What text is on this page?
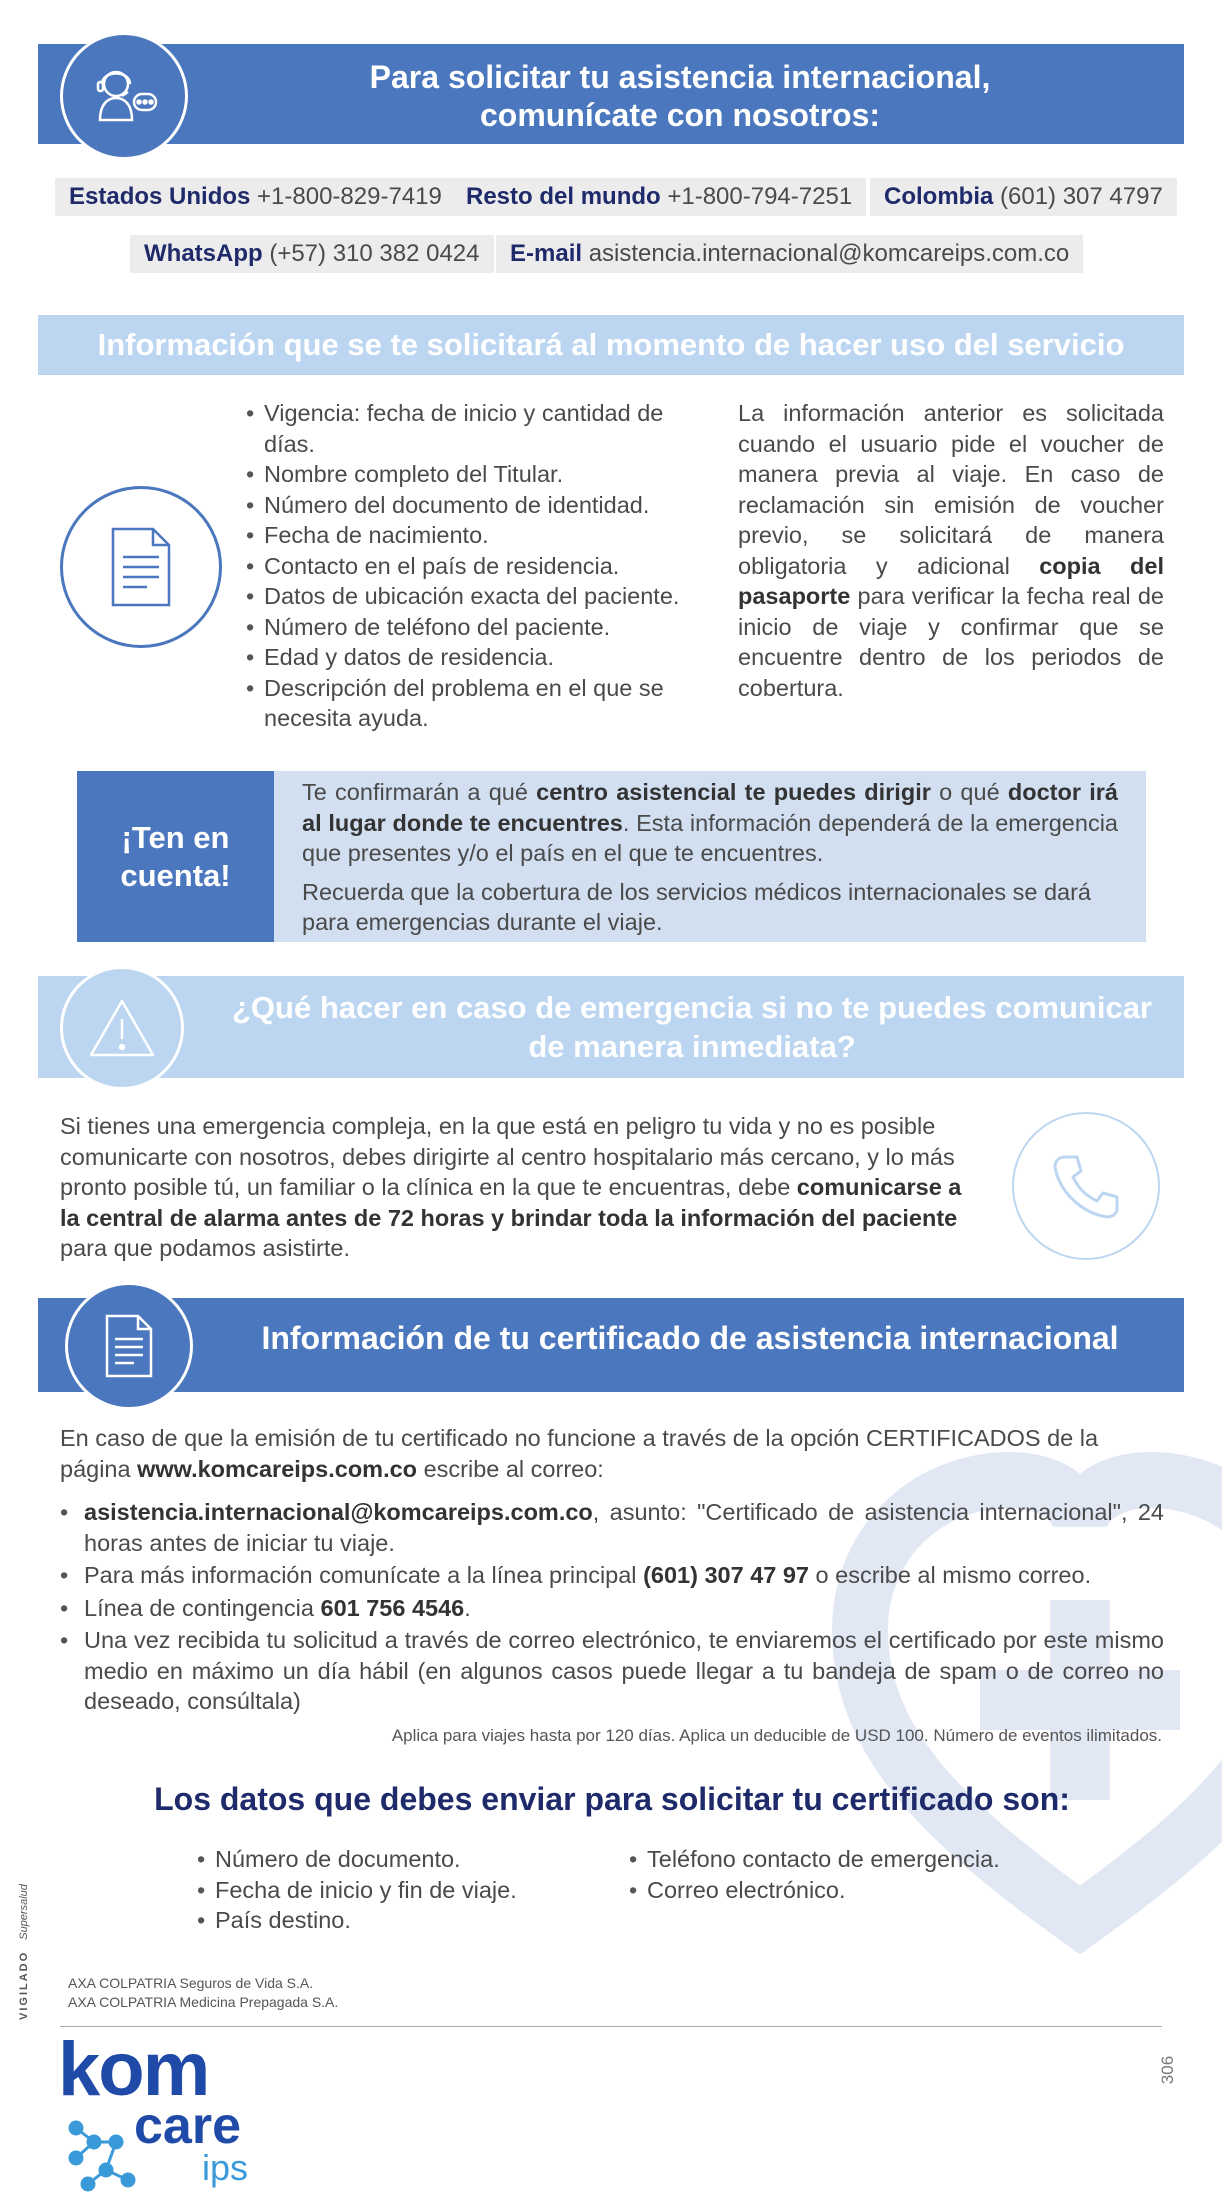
Para solicitar tu asistencia internacional,
comunícate con nosotros:
Estados Unidos +1-800-829-7419	Resto del mundo +1-800-794-7251	Colombia (601) 307 4797
WhatsApp (+57) 310 382 0424	E-mail asistencia.internacional@komcareips.com.co
Información que se te solicitará al momento de hacer uso del servicio
• Vigencia: fecha de inicio y cantidad de días.
• Nombre completo del Titular.
• Número del documento de identidad.
• Fecha de nacimiento.
• Contacto en el país de residencia.
• Datos de ubicación exacta del paciente.
• Número de teléfono del paciente.
• Edad y datos de residencia.
• Descripción del problema en el que se necesita ayuda.

La información anterior es solicitada cuando el usuario pide el voucher de manera previa al viaje. En caso de reclamación sin emisión de voucher previo, se solicitará de manera obligatoria y adicional copia del pasaporte para verificar la fecha real de inicio de viaje y confirmar que se encuentre dentro de los periodos de cobertura.

¡Ten en
cuenta!

Te confirmarán a qué centro asistencial te puedes dirigir o qué doctor irá al lugar donde te encuentres. Esta información dependerá de la emergencia que presentes y/o el país en el que te encuentres.

Recuerda que la cobertura de los servicios médicos internacionales se dará para emergencias durante el viaje.

¿Qué hacer en caso de emergencia si no te puedes comunicar
de manera inmediata?

Si tienes una emergencia compleja, en la que está en peligro tu vida y no es posible comunicarte con nosotros, debes dirigirte al centro hospitalario más cercano, y lo más pronto posible tú, un familiar o la clínica en la que te encuentras, debe comunicarse a la central de alarma antes de 72 horas y brindar toda la información del paciente para que podamos asistirte.

Información de tu certificado de asistencia internacional

En caso de que la emisión de tu certificado no funcione a través de la opción CERTIFICADOS de la página www.komcareips.com.co escribe al correo:

• asistencia.internacional@komcareips.com.co, asunto: "Certificado de asistencia internacional", 24 horas antes de iniciar tu viaje.
• Para más información comunícate a la línea principal (601) 307 47 97 o escribe al mismo correo.
• Línea de contingencia 601 756 4546.
• Una vez recibida tu solicitud a través de correo electrónico, te enviaremos el certificado por este mismo medio en máximo un día hábil (en algunos casos puede llegar a tu bandeja de spam o de correo no deseado, consúltala)
Aplica para viajes hasta por 120 días. Aplica un deducible de USD 100. Número de eventos ilimitados.
Los datos que debes enviar para solicitar tu certificado son:
• Número de documento.
• Fecha de inicio y fin de viaje.
• País destino.
• Teléfono contacto de emergencia.
• Correo electrónico.
VIGILADO Supersalud
AXA COLPATRIA Seguros de Vida S.A.
AXA COLPATRIA Medicina Prepagada S.A.
kom
care
ips
306
